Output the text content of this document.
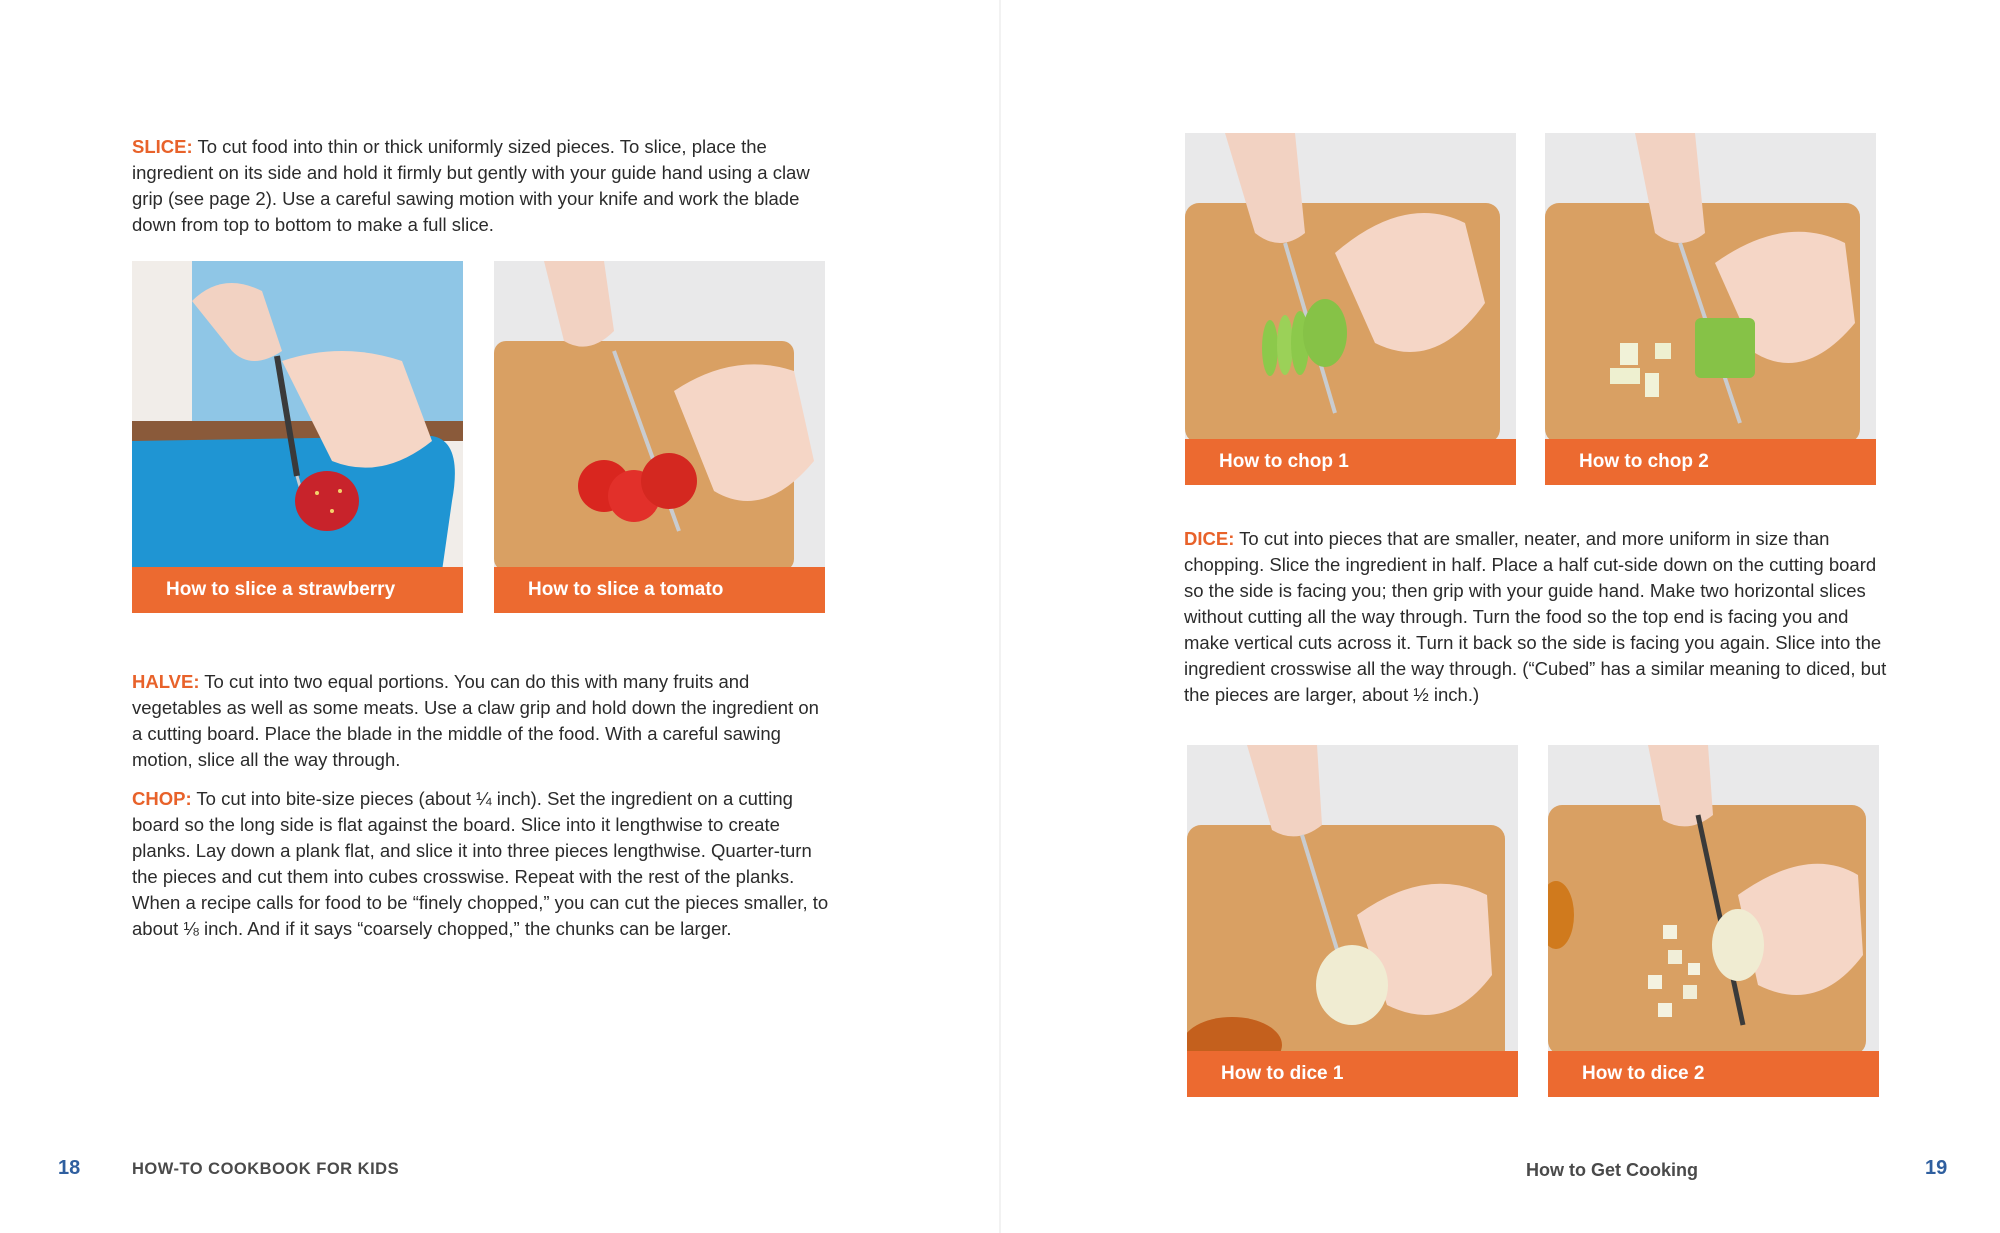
SLICE: To cut food into thin or thick uniformly sized pieces. To slice, place the ingredient on its side and hold it firmly but gently with your guide hand using a claw grip (see page 2). Use a careful sawing motion with your knife and work the blade down from top to bottom to make a full slice.

How to slice a strawberry	How to slice a tomato

HALVE: To cut into two equal portions. You can do this with many fruits and vegetables as well as some meats. Use a claw grip and hold down the ingredient on a cutting board. Place the blade in the middle of the food. With a careful sawing motion, slice all the way through.

CHOP: To cut into bite-size pieces (about ¼ inch). Set the ingredient on a cutting board so the long side is flat against the board. Slice into it lengthwise to create planks. Lay down a plank flat, and slice it into three pieces lengthwise. Quarter-turn the pieces and cut them into cubes crosswise. Repeat with the rest of the planks. When a recipe calls for food to be “finely chopped,” you can cut the pieces smaller, to about ⅛ inch. And if it says “coarsely chopped,” the chunks can be larger.

18	HOW-TO COOKBOOK FOR KIDS
How to chop 1	How to chop 2

DICE: To cut into pieces that are smaller, neater, and more uniform in size than chopping. Slice the ingredient in half. Place a half cut-side down on the cutting board so the side is facing you; then grip with your guide hand. Make two horizontal slices without cutting all the way through. Turn the food so the top end is facing you and make vertical cuts across it. Turn it back so the side is facing you again. Slice into the ingredient crosswise all the way through. (“Cubed” has a similar meaning to diced, but the pieces are larger, about ½ inch.)

How to dice 1	How to dice 2
How to Get Cooking	19
